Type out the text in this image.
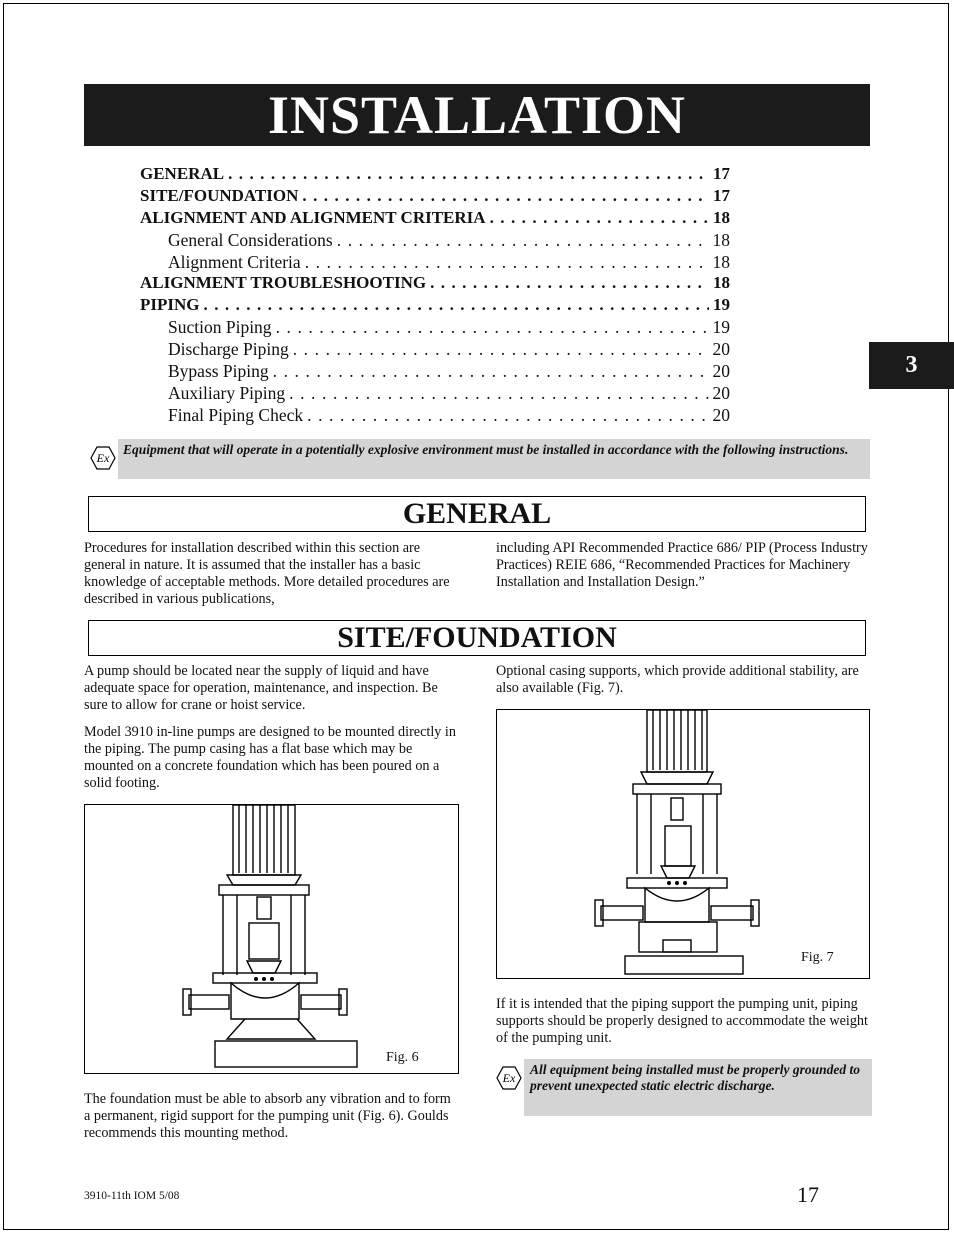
INSTALLATION
GENERAL . . .	17
SITE/FOUNDATION . . .	17
ALIGNMENT AND ALIGNMENT CRITERIA . . .	18
General Considerations . . .	18
Alignment Criteria . . .	18
ALIGNMENT TROUBLESHOOTING . . .	18
PIPING . . .	19
Suction Piping . . .	19
Discharge Piping . . .	20
Bypass Piping . . .	20
Auxiliary Piping . . .	20
Final Piping Check . . .	20
3
Ex
Equipment that will operate in a potentially explosive environment must be installed in accordance with the following instructions.
GENERAL
Procedures for installation described within this section are general in nature. It is assumed that the installer has a basic knowledge of acceptable methods. More detailed procedures are described in various publications,
including API Recommended Practice 686/ PIP (Process Industry Practices) REIE 686, “Recommended Practices for Machinery Installation and Installation Design.”
SITE/FOUNDATION
A pump should be located near the supply of liquid and have adequate space for operation, maintenance, and inspection. Be sure to allow for crane or hoist service.
Model 3910 in-line pumps are designed to be mounted directly in the piping. The pump casing has a flat base which may be mounted on a concrete foundation which has been poured on a solid footing.
Optional casing supports, which provide additional stability, are also available (Fig. 7).
Fig. 6
Fig. 7
If it is intended that the piping support the pumping unit, piping supports should be properly designed to accommodate the weight of the pumping unit.
Ex
All equipment being installed must be properly grounded to prevent unexpected static electric discharge.
The foundation must be able to absorb any vibration and to form a permanent, rigid support for the pumping unit (Fig. 6). Goulds recommends this mounting method.
3910-11th IOM 5/08	17
